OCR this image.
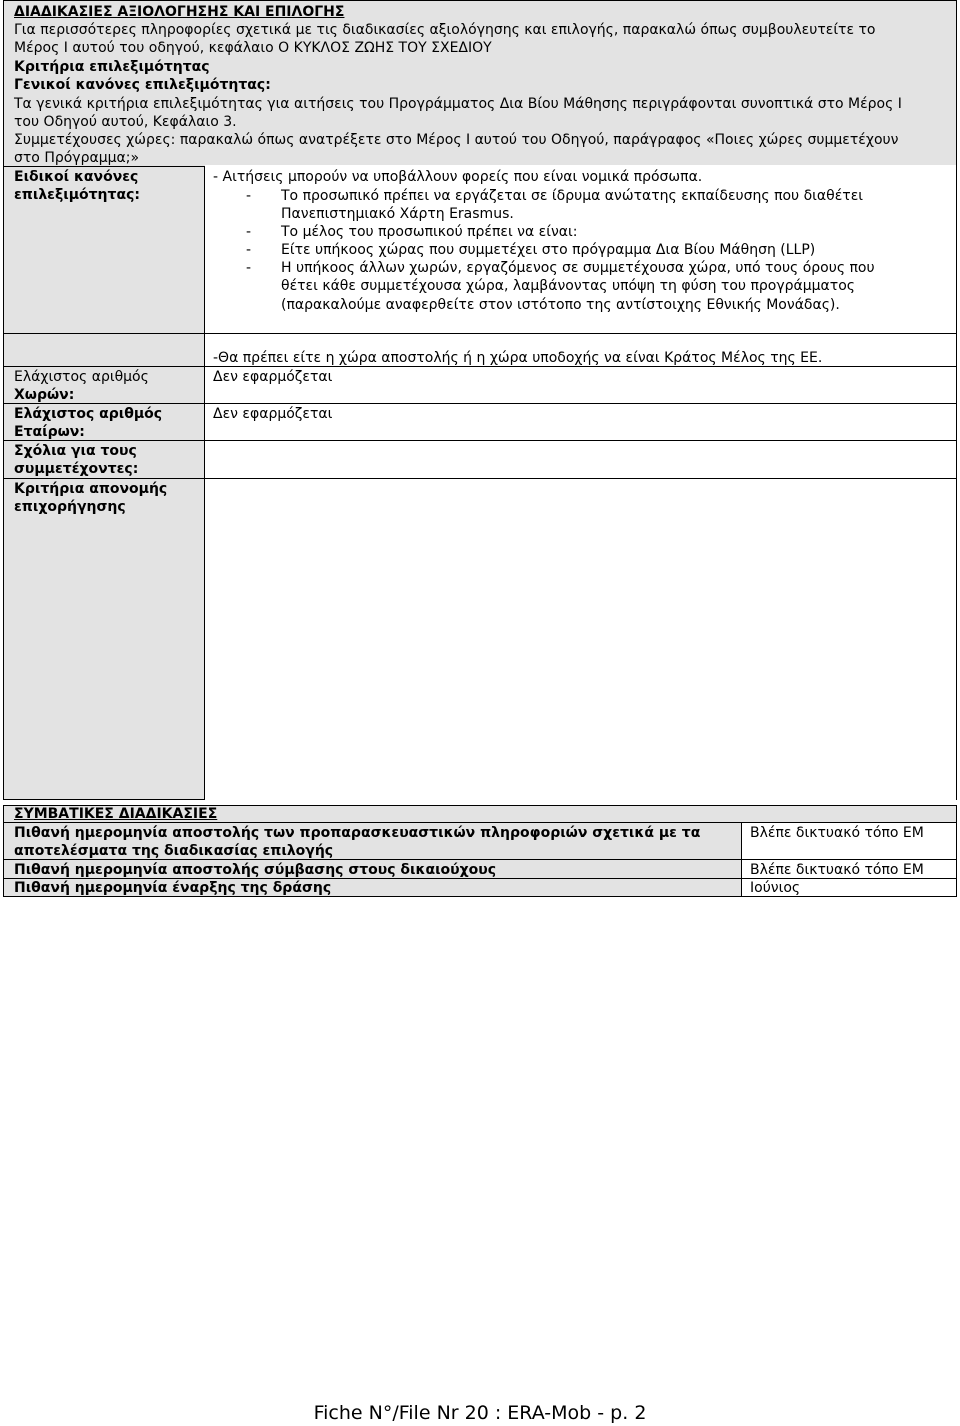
ΔΙΑΔΙΚΑΣΙΕΣ ΑΞΙΟΛΟΓΗΣΗΣ ΚΑΙ ΕΠΙΛΟΓΗΣ
Για περισσότερες πληροφορίες σχετικά με τις διαδικασίες αξιολόγησης και επιλογής, παρακαλώ όπως συμβουλευτείτε το
Μέρος Ι αυτού του οδηγού, κεφάλαιο Ο ΚΥΚΛΟΣ ΖΩΗΣ ΤΟΥ ΣΧΕΔΙΟΥ
Κριτήρια επιλεξιμότητας
Γενικοί κανόνες επιλεξιμότητας:
Τα γενικά κριτήρια επιλεξιμότητας για αιτήσεις του Προγράμματος Δια Βίου Μάθησης περιγράφονται συνοπτικά στο Μέρος Ι
του Οδηγού αυτού, Κεφάλαιο 3.
Συμμετέχουσες χώρες: παρακαλώ όπως ανατρέξετε στο Μέρος Ι αυτού του Οδηγού, παράγραφος «Ποιες χώρες συμμετέχουν
στο Πρόγραμμα;»
Ειδικοί κανόνες
επιλεξιμότητας:
- Αιτήσεις μπορούν να υποβάλλουν φορείς που είναι νομικά πρόσωπα.
- Το προσωπικό πρέπει να εργάζεται σε ίδρυμα ανώτατης εκπαίδευσης που διαθέτει
Πανεπιστημιακό Χάρτη Erasmus.
- Το μέλος του προσωπικού πρέπει να είναι:
- Είτε υπήκοος χώρας που συμμετέχει στο πρόγραμμα Δια Βίου Μάθηση (LLP)
- Η υπήκοος άλλων χωρών, εργαζόμενος σε συμμετέχουσα χώρα, υπό τους όρους που
θέτει κάθε συμμετέχουσα χώρα, λαμβάνοντας υπόψη τη φύση του προγράμματος
(παρακαλούμε αναφερθείτε στον ιστότοπο της αντίστοιχης Εθνικής Μονάδας).
-Θα πρέπει είτε η χώρα αποστολής ή η χώρα υποδοχής να είναι Κράτος Μέλος της ΕΕ.
Ελάχιστος αριθμός
Χωρών:
Δεν εφαρμόζεται
Ελάχιστος αριθμός
Εταίρων:
Δεν εφαρμόζεται
Σχόλια για τους
συμμετέχοντες:
Κριτήρια απονομής
επιχορήγησης
ΣΥΜΒΑΤΙΚΕΣ ΔΙΑΔΙΚΑΣΙΕΣ
Πιθανή ημερομηνία αποστολής των προπαρασκευαστικών πληροφοριών σχετικά με τα
αποτελέσματα της διαδικασίας επιλογής
Βλέπε δικτυακό τόπο ΕΜ
Πιθανή ημερομηνία αποστολής σύμβασης στους δικαιούχους	Βλέπε δικτυακό τόπο ΕΜ
Πιθανή ημερομηνία έναρξης της δράσης	Ιούνιος
Fiche N°/File Nr 20 : ERA-Mob - p. 2
